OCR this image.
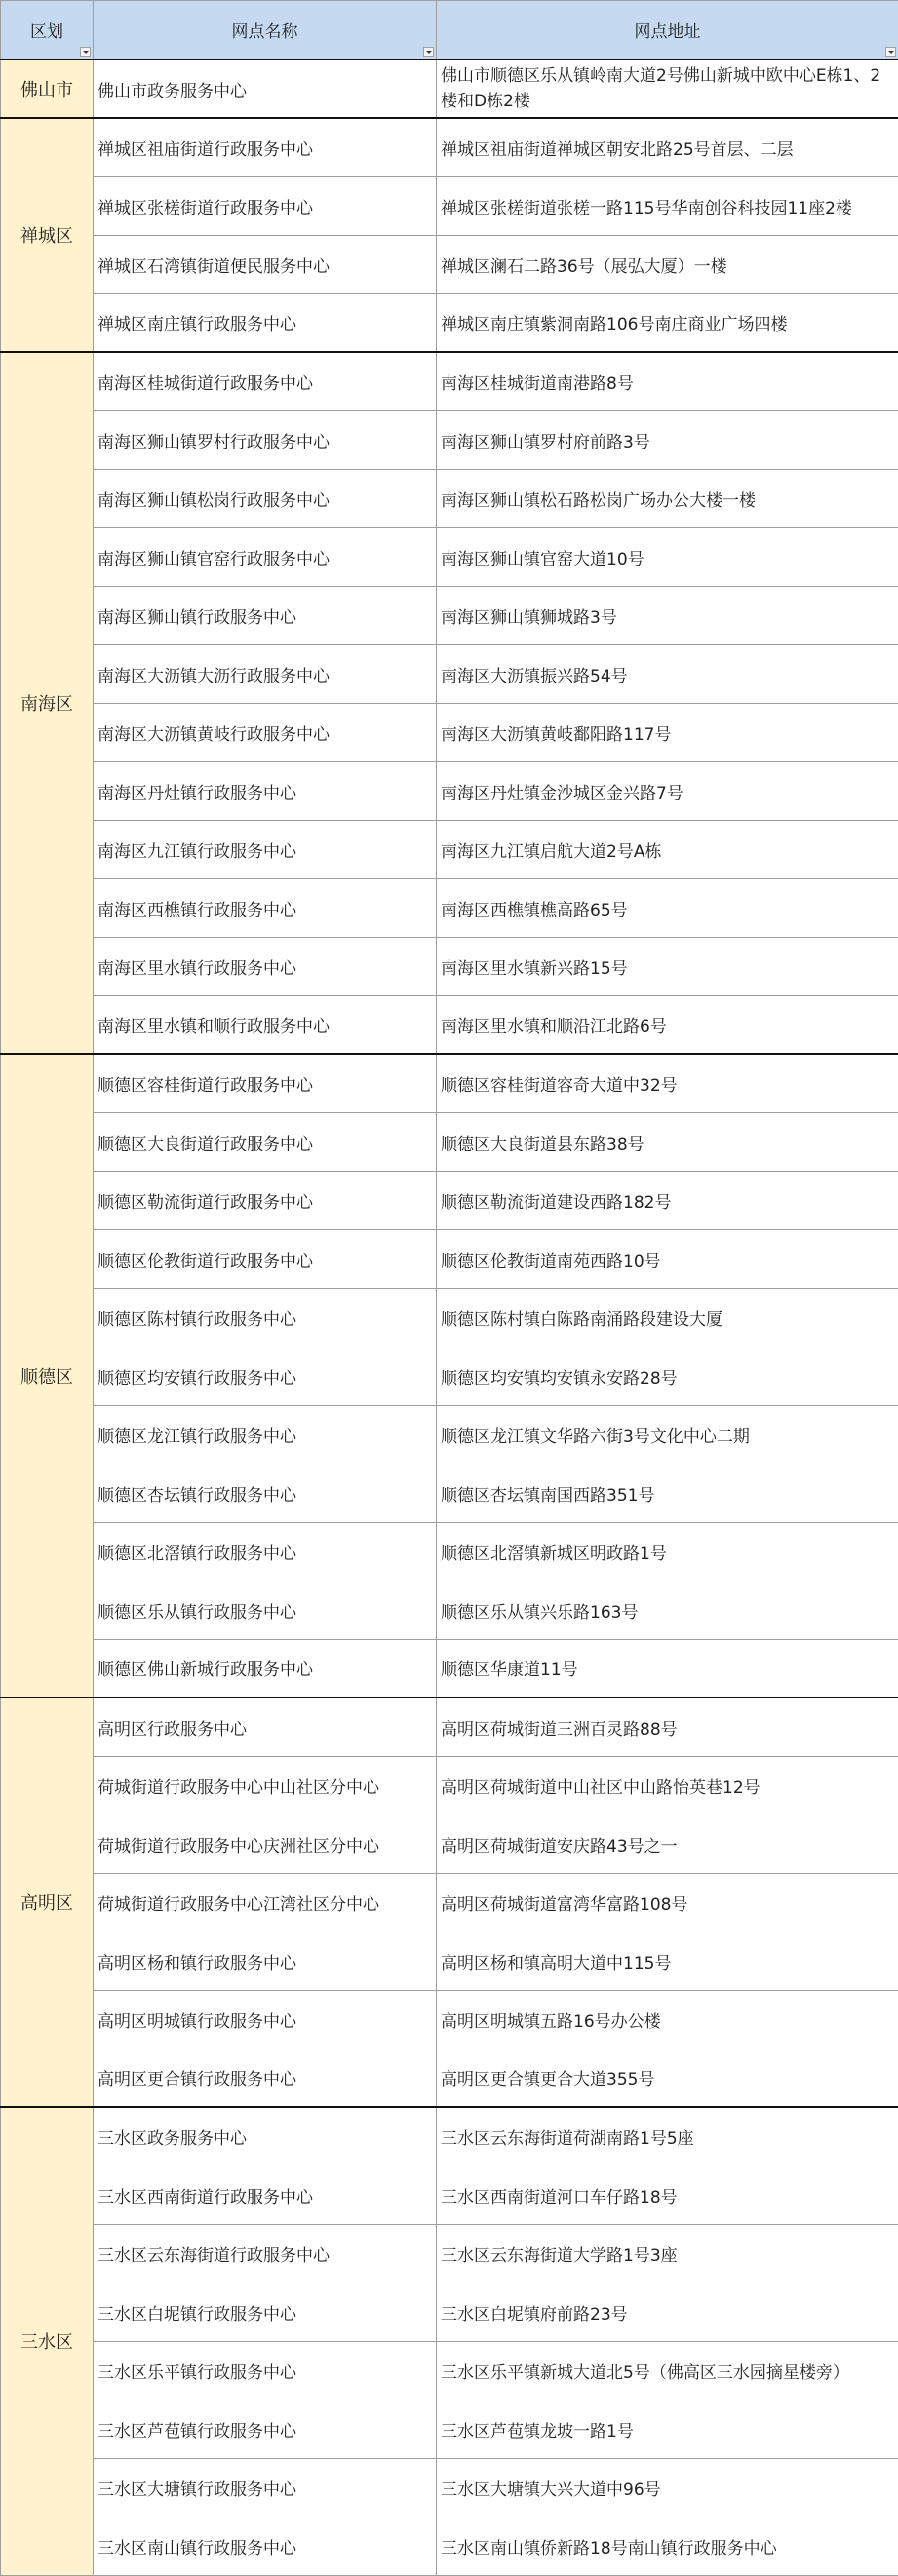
区划	网点名称	网点地址

佛山市	佛山市政务服务中心	佛山市顺德区乐从镇岭南大道2号佛山新城中欧中心E栋1、2楼和D栋2楼
禅城区	禅城区祖庙街道行政服务中心	禅城区祖庙街道禅城区朝安北路25号首层、二层
	禅城区张槎街道行政服务中心	禅城区张槎街道张槎一路115号华南创谷科技园11座2楼
	禅城区石湾镇街道便民服务中心	禅城区澜石二路36号（展弘大厦）一楼
	禅城区南庄镇行政服务中心	禅城区南庄镇紫洞南路106号南庄商业广场四楼
南海区	南海区桂城街道行政服务中心	南海区桂城街道南港路8号
	南海区狮山镇罗村行政服务中心	南海区狮山镇罗村府前路3号
	南海区狮山镇松岗行政服务中心	南海区狮山镇松石路松岗广场办公大楼一楼
	南海区狮山镇官窑行政服务中心	南海区狮山镇官窑大道10号
	南海区狮山镇行政服务中心	南海区狮山镇狮城路3号
	南海区大沥镇大沥行政服务中心	南海区大沥镇振兴路54号
	南海区大沥镇黄岐行政服务中心	南海区大沥镇黄岐鄱阳路117号
	南海区丹灶镇行政服务中心	南海区丹灶镇金沙城区金兴路7号
	南海区九江镇行政服务中心	南海区九江镇启航大道2号A栋
	南海区西樵镇行政服务中心	南海区西樵镇樵高路65号
	南海区里水镇行政服务中心	南海区里水镇新兴路15号
	南海区里水镇和顺行政服务中心	南海区里水镇和顺沿江北路6号
顺德区	顺德区容桂街道行政服务中心	顺德区容桂街道容奇大道中32号
	顺德区大良街道行政服务中心	顺德区大良街道县东路38号
	顺德区勒流街道行政服务中心	顺德区勒流街道建设西路182号
	顺德区伦教街道行政服务中心	顺德区伦教街道南苑西路10号
	顺德区陈村镇行政服务中心	顺德区陈村镇白陈路南涌路段建设大厦
	顺德区均安镇行政服务中心	顺德区均安镇均安镇永安路28号
	顺德区龙江镇行政服务中心	顺德区龙江镇文华路六街3号文化中心二期
	顺德区杏坛镇行政服务中心	顺德区杏坛镇南国西路351号
	顺德区北滘镇行政服务中心	顺德区北滘镇新城区明政路1号
	顺德区乐从镇行政服务中心	顺德区乐从镇兴乐路163号
	顺德区佛山新城行政服务中心	顺德区华康道11号
高明区	高明区行政服务中心	高明区荷城街道三洲百灵路88号
	荷城街道行政服务中心中山社区分中心	高明区荷城街道中山社区中山路怡英巷12号
	荷城街道行政服务中心庆洲社区分中心	高明区荷城街道安庆路43号之一
	荷城街道行政服务中心江湾社区分中心	高明区荷城街道富湾华富路108号
	高明区杨和镇行政服务中心	高明区杨和镇高明大道中115号
	高明区明城镇行政服务中心	高明区明城镇五路16号办公楼
	高明区更合镇行政服务中心	高明区更合镇更合大道355号
三水区	三水区政务服务中心	三水区云东海街道荷湖南路1号5座
	三水区西南街道行政服务中心	三水区西南街道河口车仔路18号
	三水区云东海街道行政服务中心	三水区云东海街道大学路1号3座
	三水区白坭镇行政服务中心	三水区白坭镇府前路23号
	三水区乐平镇行政服务中心	三水区乐平镇新城大道北5号（佛高区三水园摘星楼旁）
	三水区芦苞镇行政服务中心	三水区芦苞镇龙坡一路1号
	三水区大塘镇行政服务中心	三水区大塘镇大兴大道中96号
	三水区南山镇行政服务中心	三水区南山镇侨新路18号南山镇行政服务中心
